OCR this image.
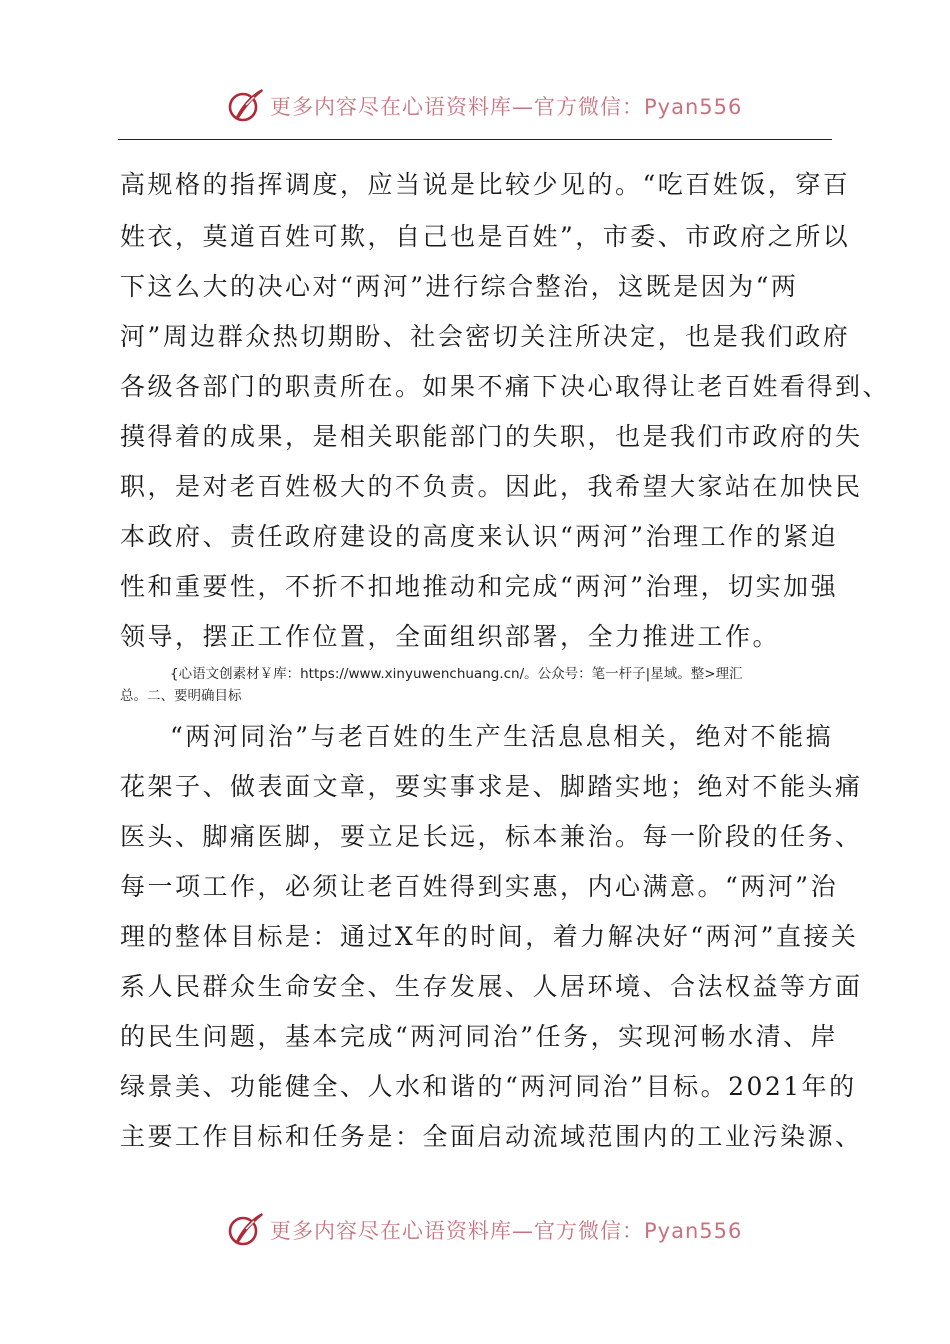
更多内容尽在心语资料库—官方微信：Pyan556
高规格的指挥调度，应当说是比较少见的。“吃百姓饭，穿百
姓衣，莫道百姓可欺，自己也是百姓”，市委、市政府之所以
下这么大的决心对“两河”进行综合整治，这既是因为“两
河”周边群众热切期盼、社会密切关注所决定，也是我们政府
各级各部门的职责所在。如果不痛下决心取得让老百姓看得到、
摸得着的成果，是相关职能部门的失职，也是我们市政府的失
职，是对老百姓极大的不负责。因此，我希望大家站在加快民
本政府、责任政府建设的高度来认识“两河”治理工作的紧迫
性和重要性，不折不扣地推动和完成“两河”治理，切实加强
领导，摆正工作位置，全面组织部署，全力推进工作。
{心语文创素材￥库：https://www.xinyuwenchuang.cn/。公众号：笔一杆子|星域。整>理汇
总。二、要明确目标
“两河同治”与老百姓的生产生活息息相关，绝对不能搞
花架子、做表面文章，要实事求是、脚踏实地；绝对不能头痛
医头、脚痛医脚，要立足长远，标本兼治。每一阶段的任务、
每一项工作，必须让老百姓得到实惠，内心满意。“两河”治
理的整体目标是：通过X年的时间，着力解决好“两河”直接关
系人民群众生命安全、生存发展、人居环境、合法权益等方面
的民生问题，基本完成“两河同治”任务，实现河畅水清、岸
绿景美、功能健全、人水和谐的“两河同治”目标。2021年的
主要工作目标和任务是：全面启动流域范围内的工业污染源、
更多内容尽在心语资料库—官方微信：Pyan556
